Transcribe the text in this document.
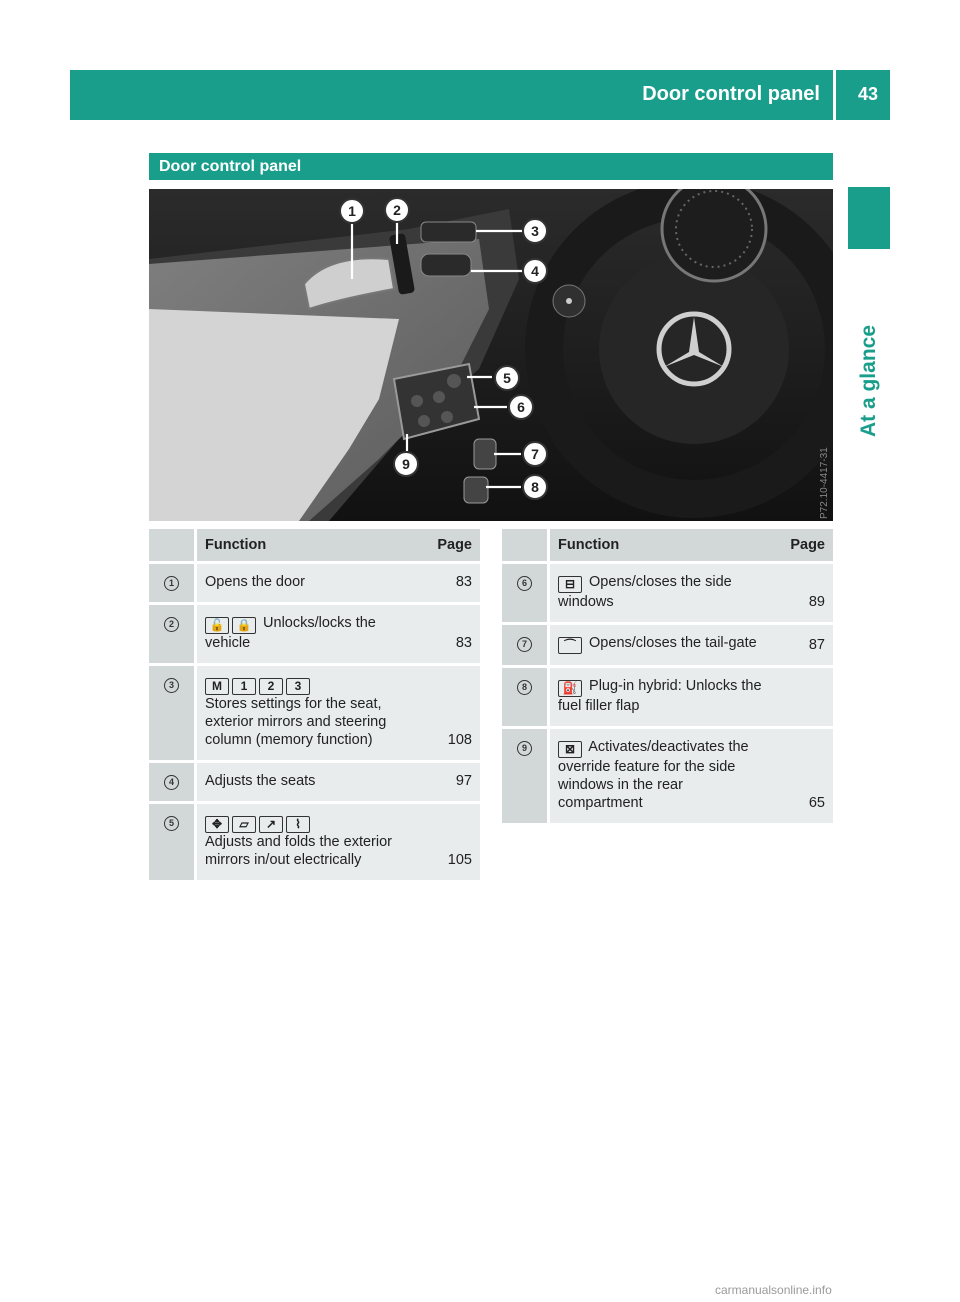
Door control panel 43
At a glance
Door control panel
1	2
3
4
5
6
7
8
9	P72.10-4417-31
	Function	Page
1	Opens the door	83
2	🔓 🔒 Unlocks/locks the vehicle	83
3	M 1 2 3
Stores settings for the seat, exterior mirrors and steering column (memory function)	108
4	Adjusts the seats	97
5	✥ ▱ ↗ ⌇
Adjusts and folds the exterior mirrors in/out electrically	105
	Function	Page
6	⊟ Opens/closes the side windows	89
7	⌒ Opens/closes the tail-gate	87
8	⛽ Plug-in hybrid: Unlocks the fuel filler flap	
9	⊠ Activates/deactivates the override feature for the side windows in the rear compartment	65
carmanualsonline.info
